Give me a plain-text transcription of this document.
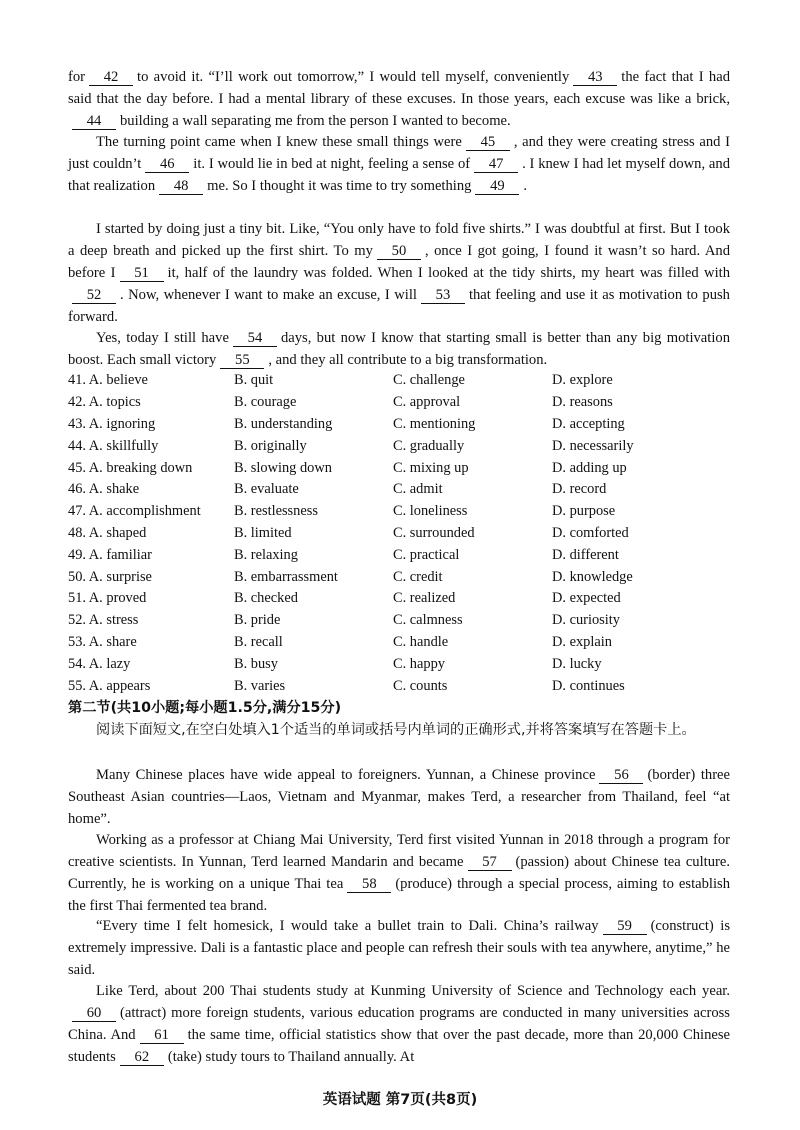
for 42 to avoid it. “I’ll work out tomorrow,” I would tell myself, conveniently 43 the fact that I had said that the day before. I had a mental library of these excuses. In those years, each excuse was like a brick,44 building a wall separating me from the person I wanted to become.

The turning point came when I knew these small things were 45 , and they were creating stress and I just couldn’t 46 it. I would lie in bed at night, feeling a sense of 47 . I knew I had let myself down, and that realization 48 me. So I thought it was time to try something 49 .

I started by doing just a tiny bit. Like, “You only have to fold five shirts.” I was doubtful at first. But I took a deep breath and picked up the first shirt. To my 50 , once I got going, I found it wasn’t so hard. And before I 51 it, half of the laundry was folded. When I looked at the tidy shirts, my heart was filled with52 . Now, whenever I want to make an excuse, I will 53 that feeling and use it as motivation to push forward.

Yes, today I still have 54 days, but now I know that starting small is better than any big motivation boost. Each small victory 55 , and they all contribute to a big transformation.

41. A. believe	B. quit	C. challenge	D. explore
42. A. topics	B. courage	C. approval	D. reasons
43. A. ignoring	B. understanding	C. mentioning	D. accepting
44. A. skillfully	B. originally	C. gradually	D. necessarily
45. A. breaking down	B. slowing down	C. mixing up	D. adding up
46. A. shake	B. evaluate	C. admit	D. record
47. A. accomplishment	B. restlessness	C. loneliness	D. purpose
48. A. shaped	B. limited	C. surrounded	D. comforted
49. A. familiar	B. relaxing	C. practical	D. different
50. A. surprise	B. embarrassment	C. credit	D. knowledge
51. A. proved	B. checked	C. realized	D. expected
52. A. stress	B. pride	C. calmness	D. curiosity
53. A. share	B. recall	C. handle	D. explain
54. A. lazy	B. busy	C. happy	D. lucky
55. A. appears	B. varies	C. counts	D. continues

第二节(共10小题;每小题1.5分,满分15分)

阅读下面短文,在空白处填入1个适当的单词或括号内单词的正确形式,并将答案填写在答题卡上。

Many Chinese places have wide appeal to foreigners. Yunnan, a Chinese province 56 (border) three Southeast Asian countries—Laos, Vietnam and Myanmar, makes Terd, a researcher from Thailand, feel “at home”.

Working as a professor at Chiang Mai University, Terd first visited Yunnan in 2018 through a program for creative scientists. In Yunnan, Terd learned Mandarin and became 57 (passion) about Chinese tea culture. Currently, he is working on a unique Thai tea 58 (produce) through a special process, aiming to establish the first Thai fermented tea brand.

“Every time I felt homesick, I would take a bullet train to Dali. China’s railway 59 (construct) is extremely impressive. Dali is a fantastic place and people can refresh their souls with tea anywhere, anytime,” he said.

Like Terd, about 200 Thai students study at Kunming University of Science and Technology each year.60 (attract) more foreign students, various education programs are conducted in many universities across China. And 61 the same time, official statistics show that over the past decade, more than 20,000 Chinese students 62 (take) study tours to Thailand annually. At

英语试题 第7页(共8页)
